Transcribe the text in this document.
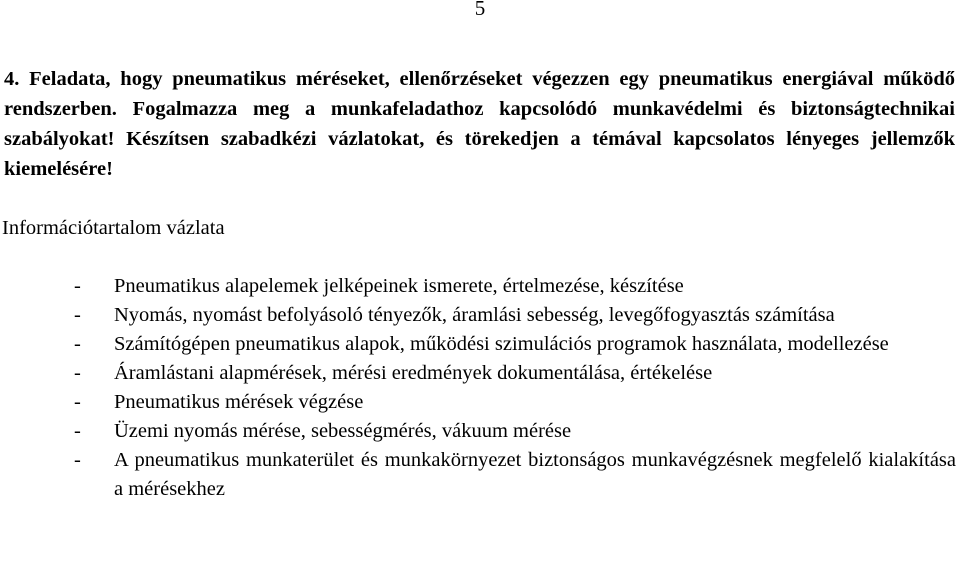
5
4. Feladata, hogy pneumatikus méréseket, ellenőrzéseket végezzen egy pneumatikus energiával működő rendszerben. Fogalmazza meg a munkafeladathoz kapcsolódó munkavédelmi és biztonságtechnikai szabályokat! Készítsen szabadkézi vázlatokat, és törekedjen a témával kapcsolatos lényeges jellemzők kiemelésére!
Információtartalom vázlata
- Pneumatikus alapelemek jelképeinek ismerete, értelmezése, készítése
- Nyomás, nyomást befolyásoló tényezők, áramlási sebesség, levegőfogyasztás számítása
- Számítógépen pneumatikus alapok, működési szimulációs programok használata, modellezése
- Áramlástani alapmérések, mérési eredmények dokumentálása, értékelése
- Pneumatikus mérések végzése
- Üzemi nyomás mérése, sebességmérés, vákuum mérése
- A pneumatikus munkaterület és munkakörnyezet biztonságos munkavégzésnek megfelelő kialakítása a mérésekhez
